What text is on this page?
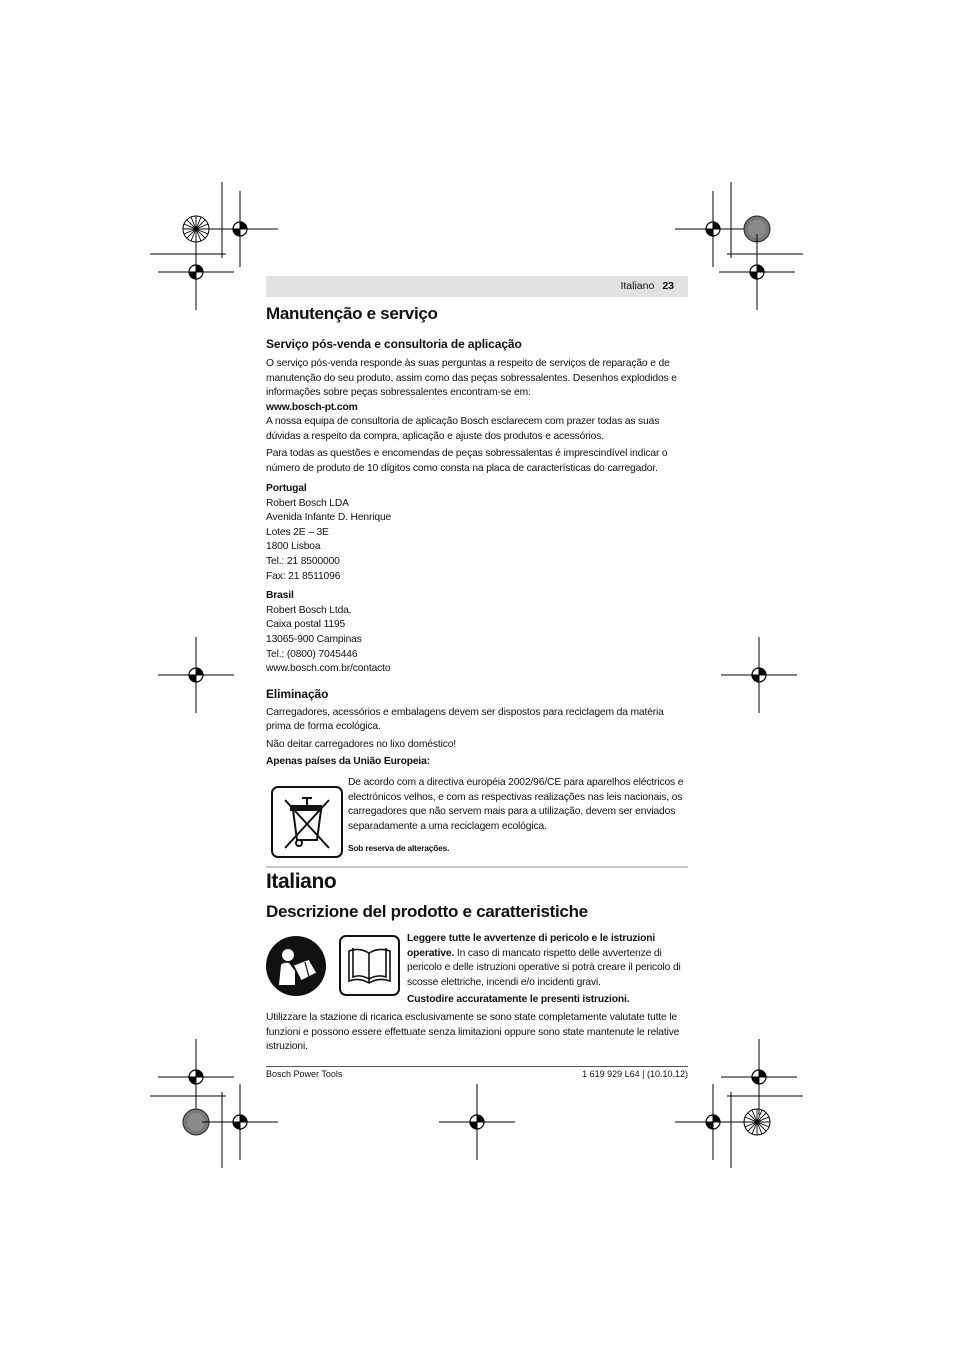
Italiano 23
Manutenção e serviço
Serviço pós-venda e consultoria de aplicação

O serviço pós-venda responde às suas perguntas a respeito de serviços de reparação e de manutenção do seu produto, assim como das peças sobressalentes. Desenhos explodidos e informações sobre peças sobressalentes encontram-se em:

www.bosch-pt.com

A nossa equipa de consultoria de aplicação Bosch esclarecem com prazer todas as suas dúvidas a respeito da compra, aplicação e ajuste dos produtos e acessórios.

Para todas as questões e encomendas de peças sobressalentas é imprescindível indicar o número de produto de 10 dígitos como consta na placa de características do carregador.

Portugal
Robert Bosch LDA
Avenida Infante D. Henrique
Lotes 2E – 3E
1800 Lisboa
Tel.: 21 8500000
Fax: 21 8511096
Brasil
Robert Bosch Ltda.
Caixa postal 1195
13065-900 Campinas
Tel.: (0800) 7045446
www.bosch.com.br/contacto
Eliminação

Carregadores, acessórios e embalagens devem ser dispostos para reciclagem da matéria prima de forma ecológica.

Não deitar carregadores no lixo doméstico!

Apenas países da União Europeia:

De acordo com a directiva européia 2002/96/CE para aparelhos eléctricos e electrónicos velhos, e com as respectivas realizações nas leis nacionais, os carregadores que não servem mais para a utilização, devem ser enviados separadamente a uma reciclagem ecológica.

Sob reserva de alterações.

Italiano
Descrizione del prodotto e caratteristiche

Leggere tutte le avvertenze di pericolo e le istruzioni operative. In caso di mancato rispetto delle avvertenze di pericolo e delle istruzioni operative si potrà creare il pericolo di scosse elettriche, incendi e/o incidenti gravi.

Custodire accuratamente le presenti istruzioni.

Utilizzare la stazione di ricarica esclusivamente se sono state completamente valutate tutte le funzioni e possono essere effettuate senza limitazioni oppure sono state mantenute le relative istruzioni.

Bosch Power Tools	1 619 929 L64 | (10.10.12)
